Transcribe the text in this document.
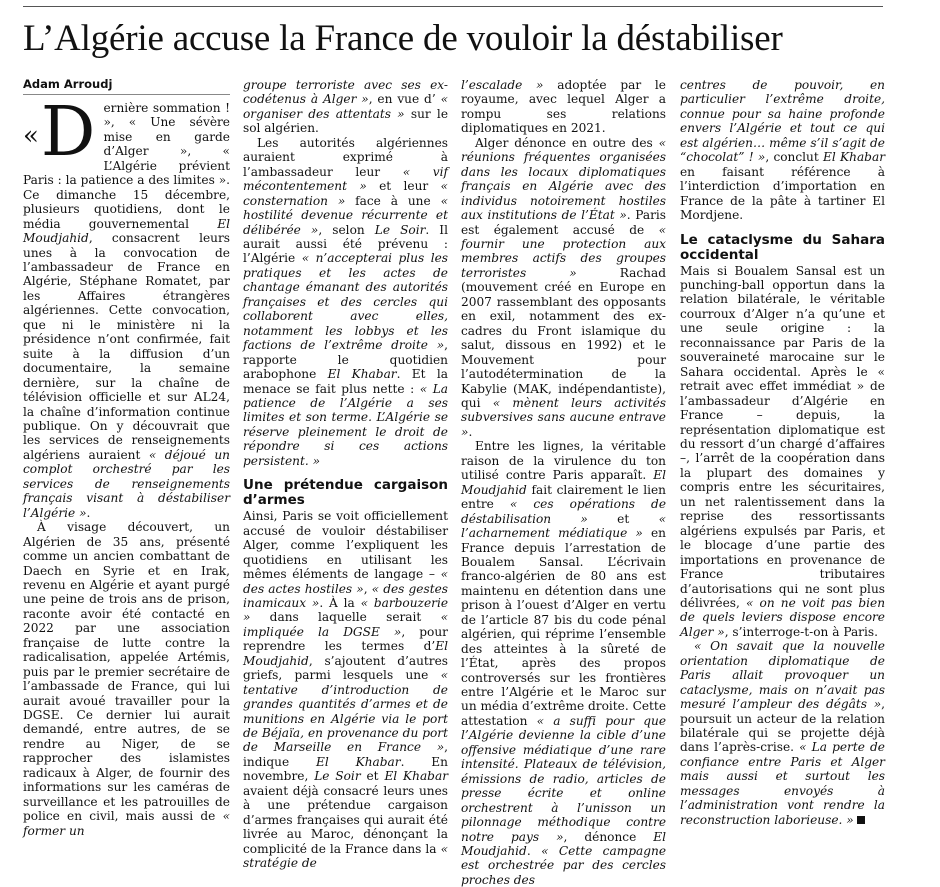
L’Algérie accuse la France de vouloir la déstabiliser
Adam Arroudj

« D ernière sommation ! », « Une sévère mise en garde d’Alger », « L’Algérie prévient Paris : la patience a des limites ». Ce dimanche 15 décembre, plusieurs quotidiens, dont le média gouvernemental El Moudjahid, consacrent leurs unes à la convocation de l’ambassadeur de France en Algérie, Stéphane Romatet, par les Affaires étrangères algériennes. Cette convocation, que ni le ministère ni la présidence n’ont confirmée, fait suite à la diffusion d’un documentaire, la semaine dernière, sur la chaîne de télévision officielle et sur AL24, la chaîne d’information continue publique. On y découvrait que les services de renseignements algériens auraient « déjoué un complot orchestré par les services de renseignements français visant à déstabiliser l’Algérie ».

À visage découvert, un Algérien de 35 ans, présenté comme un ancien combattant de Daech en Syrie et en Irak, revenu en Algérie et ayant purgé une peine de trois ans de prison, raconte avoir été contacté en 2022 par une association française de lutte contre la radicalisation, appelée Artémis, puis par le premier secrétaire de l’ambassade de France, qui lui aurait avoué travailler pour la DGSE. Ce dernier lui aurait demandé, entre autres, de se rendre au Niger, de se rapprocher des islamistes radicaux à Alger, de fournir des informations sur les caméras de surveillance et les patrouilles de police en civil, mais aussi de « former un

groupe terroriste avec ses ex-codétenus à Alger », en vue d’ « organiser des attentats » sur le sol algérien.

Les autorités algériennes auraient exprimé à l’ambassadeur leur « vif mécontentement » et leur « consternation » face à une « hostilité devenue récurrente et délibérée », selon Le Soir. Il aurait aussi été prévenu : l’Algérie « n’accepterai plus les pratiques et les actes de chantage émanant des autorités françaises et des cercles qui collaborent avec elles, notamment les lobbys et les factions de l’extrême droite », rapporte le quotidien arabophone El Khabar. Et la menace se fait plus nette : « La patience de l’Algérie a ses limites et son terme. L’Algérie se réserve pleinement le droit de répondre si ces actions persistent. »

Une prétendue cargaison d’armes

Ainsi, Paris se voit officiellement accusé de vouloir déstabiliser Alger, comme l’expliquent les quotidiens en utilisant les mêmes éléments de langage – « des actes hostiles », « des gestes inamicaux ». À la « barbouzerie » dans laquelle serait « impliquée la DGSE », pour reprendre les termes d’El Moudjahid, s’ajoutent d’autres griefs, parmi lesquels une « tentative d’introduction de grandes quantités d’armes et de munitions en Algérie via le port de Béjaïa, en provenance du port de Marseille en France », indique El Khabar. En novembre, Le Soir et El Khabar avaient déjà consacré leurs unes à une prétendue cargaison d’armes françaises qui aurait été livrée au Maroc, dénonçant la complicité de la France dans la « stratégie de

l’escalade » adoptée par le royaume, avec lequel Alger a rompu ses relations diplomatiques en 2021.

Alger dénonce en outre des « réunions fréquentes organisées dans les locaux diplomatiques français en Algérie avec des individus notoirement hostiles aux institutions de l’État ». Paris est également accusé de « fournir une protection aux membres actifs des groupes terroristes » Rachad (mouvement créé en Europe en 2007 rassemblant des opposants en exil, notamment des ex-cadres du Front islamique du salut, dissous en 1992) et le Mouvement pour l’autodétermination de la Kabylie (MAK, indépendantiste), qui « mènent leurs activités subversives sans aucune entrave ».

Entre les lignes, la véritable raison de la virulence du ton utilisé contre Paris apparaît. El Moudjahid fait clairement le lien entre « ces opérations de déstabilisation » et « l’acharnement médiatique » en France depuis l’arrestation de Boualem Sansal. L’écrivain franco-algérien de 80 ans est maintenu en détention dans une prison à l’ouest d’Alger en vertu de l’article 87 bis du code pénal algérien, qui réprime l’ensemble des atteintes à la sûreté de l’État, après des propos controversés sur les frontières entre l’Algérie et le Maroc sur un média d’extrême droite. Cette attestation « a suffi pour que l’Algérie devienne la cible d’une offensive médiatique d’une rare intensité. Plateaux de télévision, émissions de radio, articles de presse écrite et online orchestrent à l’unisson un pilonnage méthodique contre notre pays », dénonce El Moudjahid. « Cette campagne est orchestrée par des cercles proches des

centres de pouvoir, en particulier l’extrême droite, connue pour sa haine profonde envers l’Algérie et tout ce qui est algérien… même s’il s’agit de “chocolat” ! », conclut El Khabar en faisant référence à l’interdiction d’importation en France de la pâte à tartiner El Mordjene.

Le cataclysme du Sahara occidental

Mais si Boualem Sansal est un punching-ball opportun dans la relation bilatérale, le véritable courroux d’Alger n’a qu’une et une seule origine : la reconnaissance par Paris de la souveraineté marocaine sur le Sahara occidental. Après le « retrait avec effet immédiat » de l’ambassadeur d’Algérie en France – depuis, la représentation diplomatique est du ressort d’un chargé d’affaires –, l’arrêt de la coopération dans la plupart des domaines y compris entre les sécuritaires, un net ralentissement dans la reprise des ressortissants algériens expulsés par Paris, et le blocage d’une partie des importations en provenance de France tributaires d’autorisations qui ne sont plus délivrées, « on ne voit pas bien de quels leviers dispose encore Alger », s’interroge-t-on à Paris.

« On savait que la nouvelle orientation diplomatique de Paris allait provoquer un cataclysme, mais on n’avait pas mesuré l’ampleur des dégâts », poursuit un acteur de la relation bilatérale qui se projette déjà dans l’après-crise. « La perte de confiance entre Paris et Alger mais aussi et surtout les messages envoyés à l’administration vont rendre la reconstruction laborieuse. »
